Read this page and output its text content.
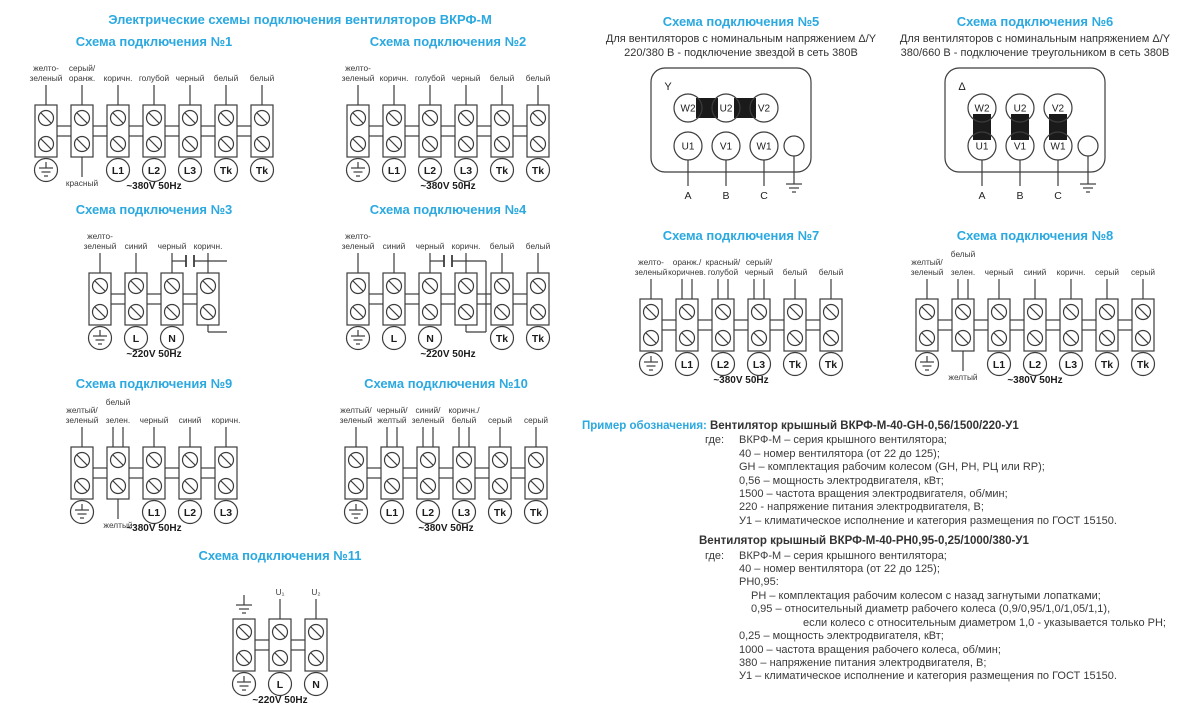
Электрические схемы подключения вентиляторов ВКРФ-М
Схема подключения №1
желто-
зеленый
серый/
оранж.
красный
коричн.
L1
голубой
L2
черный
L3
белый
Tk
белый
Tk
~380V 50Hz
Схема подключения №2
желто-
зеленый коричн.
L1
голубой
L2
черный
L3
белый
Tk
белый
Tk
~380V 50Hz
Схема подключения №3
желто-
зеленый синий
L
черный
N
коричн.
~220V 50Hz
Схема подключения №4
желто-
зеленый синий
L
черный
N
коричн. белый
Tk
белый
Tk
~220V 50Hz
Схема подключения №5
Для вентиляторов с номинальным напряжением Δ/Y 220/380 В - подключение звездой в сеть 380В
Y
W2 U2	V2
U1	V1 W1
A	B	C
Схема подключения №6
Для вентиляторов с номинальным напряжением Δ/Y 380/660 В - подключение треугольником в сеть 380В
Δ
W2 U2	V2
U1	V1 W1
A	B	C
Схема подключения №7
желто-
зеленый
оранж./
коричнев.
L1
красный/
голубой
L2
серый/
черный
L3
белый
Tk
белый
Tk
~380V 50Hz
Схема подключения №8
желтый/
зеленый
белый
зелен.
желтый
черный
L1
синий
L2
коричн.
L3
серый
Tk
серый
Tk
~380V 50Hz
Схема подключения №9
желтый/
зеленый
белый
зелен.
желтый
черный
L1
синий
L2
коричн.
L3
~380V 50Hz
Схема подключения №10
желтый/
зеленый
черный/
желтый
L1
синий/
зеленый
L2
коричн./
белый
L3
серый
Tk
серый
Tk
~380V 50Hz
Схема подключения №11
U₁
L
U₂
N
~220V 50Hz
Пример обозначения: Вентилятор крышный ВКРФ-М-40-GH-0,56/1500/220-У1
где: ВКРФ-М – серия крышного вентилятора;
40 – номер вентилятора (от 22 до 125);
GH – комплектация рабочим колесом (GH, PH, РЦ или RP);
0,56 – мощность электродвигателя, кВт;
1500 – частота вращения электродвигателя, об/мин;
220 - напряжение питания электродвигателя, В;
У1 – климатическое исполнение и категория размещения по ГОСТ 15150.
Вентилятор крышный ВКРФ-М-40-РН0,95-0,25/1000/380-У1
где: ВКРФ-М – серия крышного вентилятора;
40 – номер вентилятора (от 22 до 125);
РН0,95:
РН – комплектация рабочим колесом с назад загнутыми лопатками;
0,95 – относительный диаметр рабочего колеса (0,9/0,95/1,0/1,05/1,1),
если колесо с относительным диаметром 1,0 - указывается только РН;
0,25 – мощность электродвигателя, кВт;
1000 – частота вращения рабочего колеса, об/мин;
380 – напряжение питания электродвигателя, В;
У1 – климатическое исполнение и категория размещения по ГОСТ 15150.
